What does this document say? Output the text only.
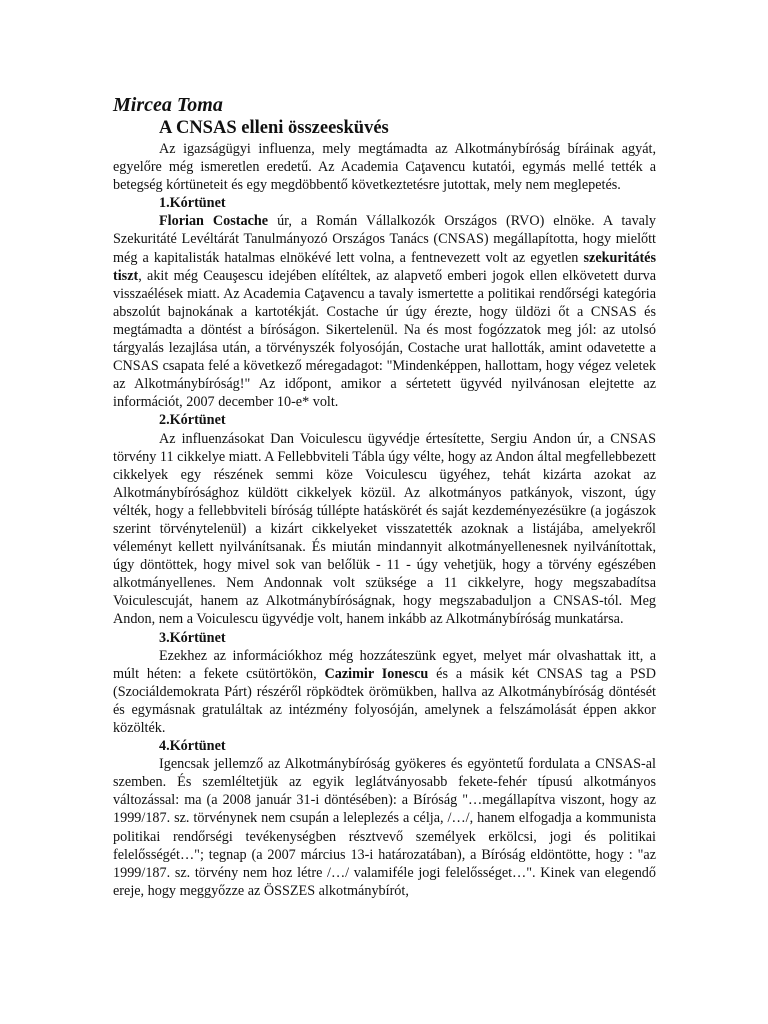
Mircea Toma
A CNSAS elleni összeesküvés

Az igazságügyi influenza, mely megtámadta az Alkotmánybíróság bíráinak agyát, egyelőre még ismeretlen eredetű. Az Academia Caţavencu kutatói, egymás mellé tették a betegség kórtüneteit és egy megdöbbentő következtetésre jutottak, mely nem meglepetés.

1.Kórtünet

Florian Costache úr, a Román Vállalkozók Országos (RVO) elnöke. A tavaly Szekuritáté Levéltárát Tanulmányozó Országos Tanács (CNSAS) megállapította, hogy mielőtt még a kapitalisták hatalmas elnökévé lett volna, a fentnevezett volt az egyetlen szekuritátés tiszt, akit még Ceauşescu idejében elítéltek, az alapvető emberi jogok ellen elkövetett durva visszaélések miatt. Az Academia Caţavencu a tavaly ismertette a politikai rendőrségi kategória abszolút bajnokának a kartotékját. Costache úr úgy érezte, hogy üldözi őt a CNSAS és megtámadta a döntést a bíróságon. Sikertelenül. Na és most fogózzatok meg jól: az utolsó tárgyalás lezajlása után, a törvényszék folyosóján, Costache urat hallották, amint odavetette a CNSAS csapata felé a következő méregadagot: "Mindenképpen, hallottam, hogy végez veletek az Alkotmánybíróság!" Az időpont, amikor a sértetett ügyvéd nyilvánosan elejtette az információt, 2007 december 10-e* volt.

2.Kórtünet

Az influenzásokat Dan Voiculescu ügyvédje értesítette, Sergiu Andon úr, a CNSAS törvény 11 cikkelye miatt. A Fellebbviteli Tábla úgy vélte, hogy az Andon által megfellebbezett cikkelyek egy részének semmi köze Voiculescu ügyéhez, tehát kizárta azokat az Alkotmánybírósághoz küldött cikkelyek közül. Az alkotmányos patkányok, viszont, úgy vélték, hogy a fellebbviteli bíróság túllépte hatáskörét és saját kezdeményezésükre (a jogászok szerint törvénytelenül) a kizárt cikkelyeket visszatették azoknak a listájába, amelyekről véleményt kellett nyilvánítsanak. És miután mindannyit alkotmányellenesnek nyilvánítottak, úgy döntöttek, hogy mivel sok van belőlük - 11 - úgy vehetjük, hogy a törvény egészében alkotmányellenes. Nem Andonnak volt szüksége a 11 cikkelyre, hogy megszabadítsa Voiculescuját, hanem az Alkotmánybíróságnak, hogy megszabaduljon a CNSAS-tól. Meg Andon, nem a Voiculescu ügyvédje volt, hanem inkább az Alkotmánybíróság munkatársa.

3.Kórtünet

Ezekhez az információkhoz még hozzáteszünk egyet, melyet már olvashattak itt, a múlt héten: a fekete csütörtökön, Cazimir Ionescu és a másik két CNSAS tag a PSD (Szociáldemokrata Párt) részéről röpködtek örömükben, hallva az Alkotmánybíróság döntését és egymásnak gratuláltak az intézmény folyosóján, amelynek a felszámolását éppen akkor közölték.

4.Kórtünet

Igencsak jellemző az Alkotmánybíróság gyökeres és egyöntetű fordulata a CNSAS-al szemben. És szemléltetjük az egyik leglátványosabb fekete-fehér típusú alkotmányos változással: ma (a 2008 január 31-i döntésében): a Bíróság "…megállapítva viszont, hogy az 1999/187. sz. törvénynek nem csupán a leleplezés a célja, /…/, hanem elfogadja a kommunista politikai rendőrségi tevékenységben résztvevő személyek erkölcsi, jogi és politikai felelősségét…"; tegnap (a 2007 március 13-i határozatában), a Bíróság eldöntötte, hogy : "az 1999/187. sz. törvény nem hoz létre /…/ valamiféle jogi felelősséget…". Kinek van elegendő ereje, hogy meggyőzze az ÖSSZES alkotmánybírót,
